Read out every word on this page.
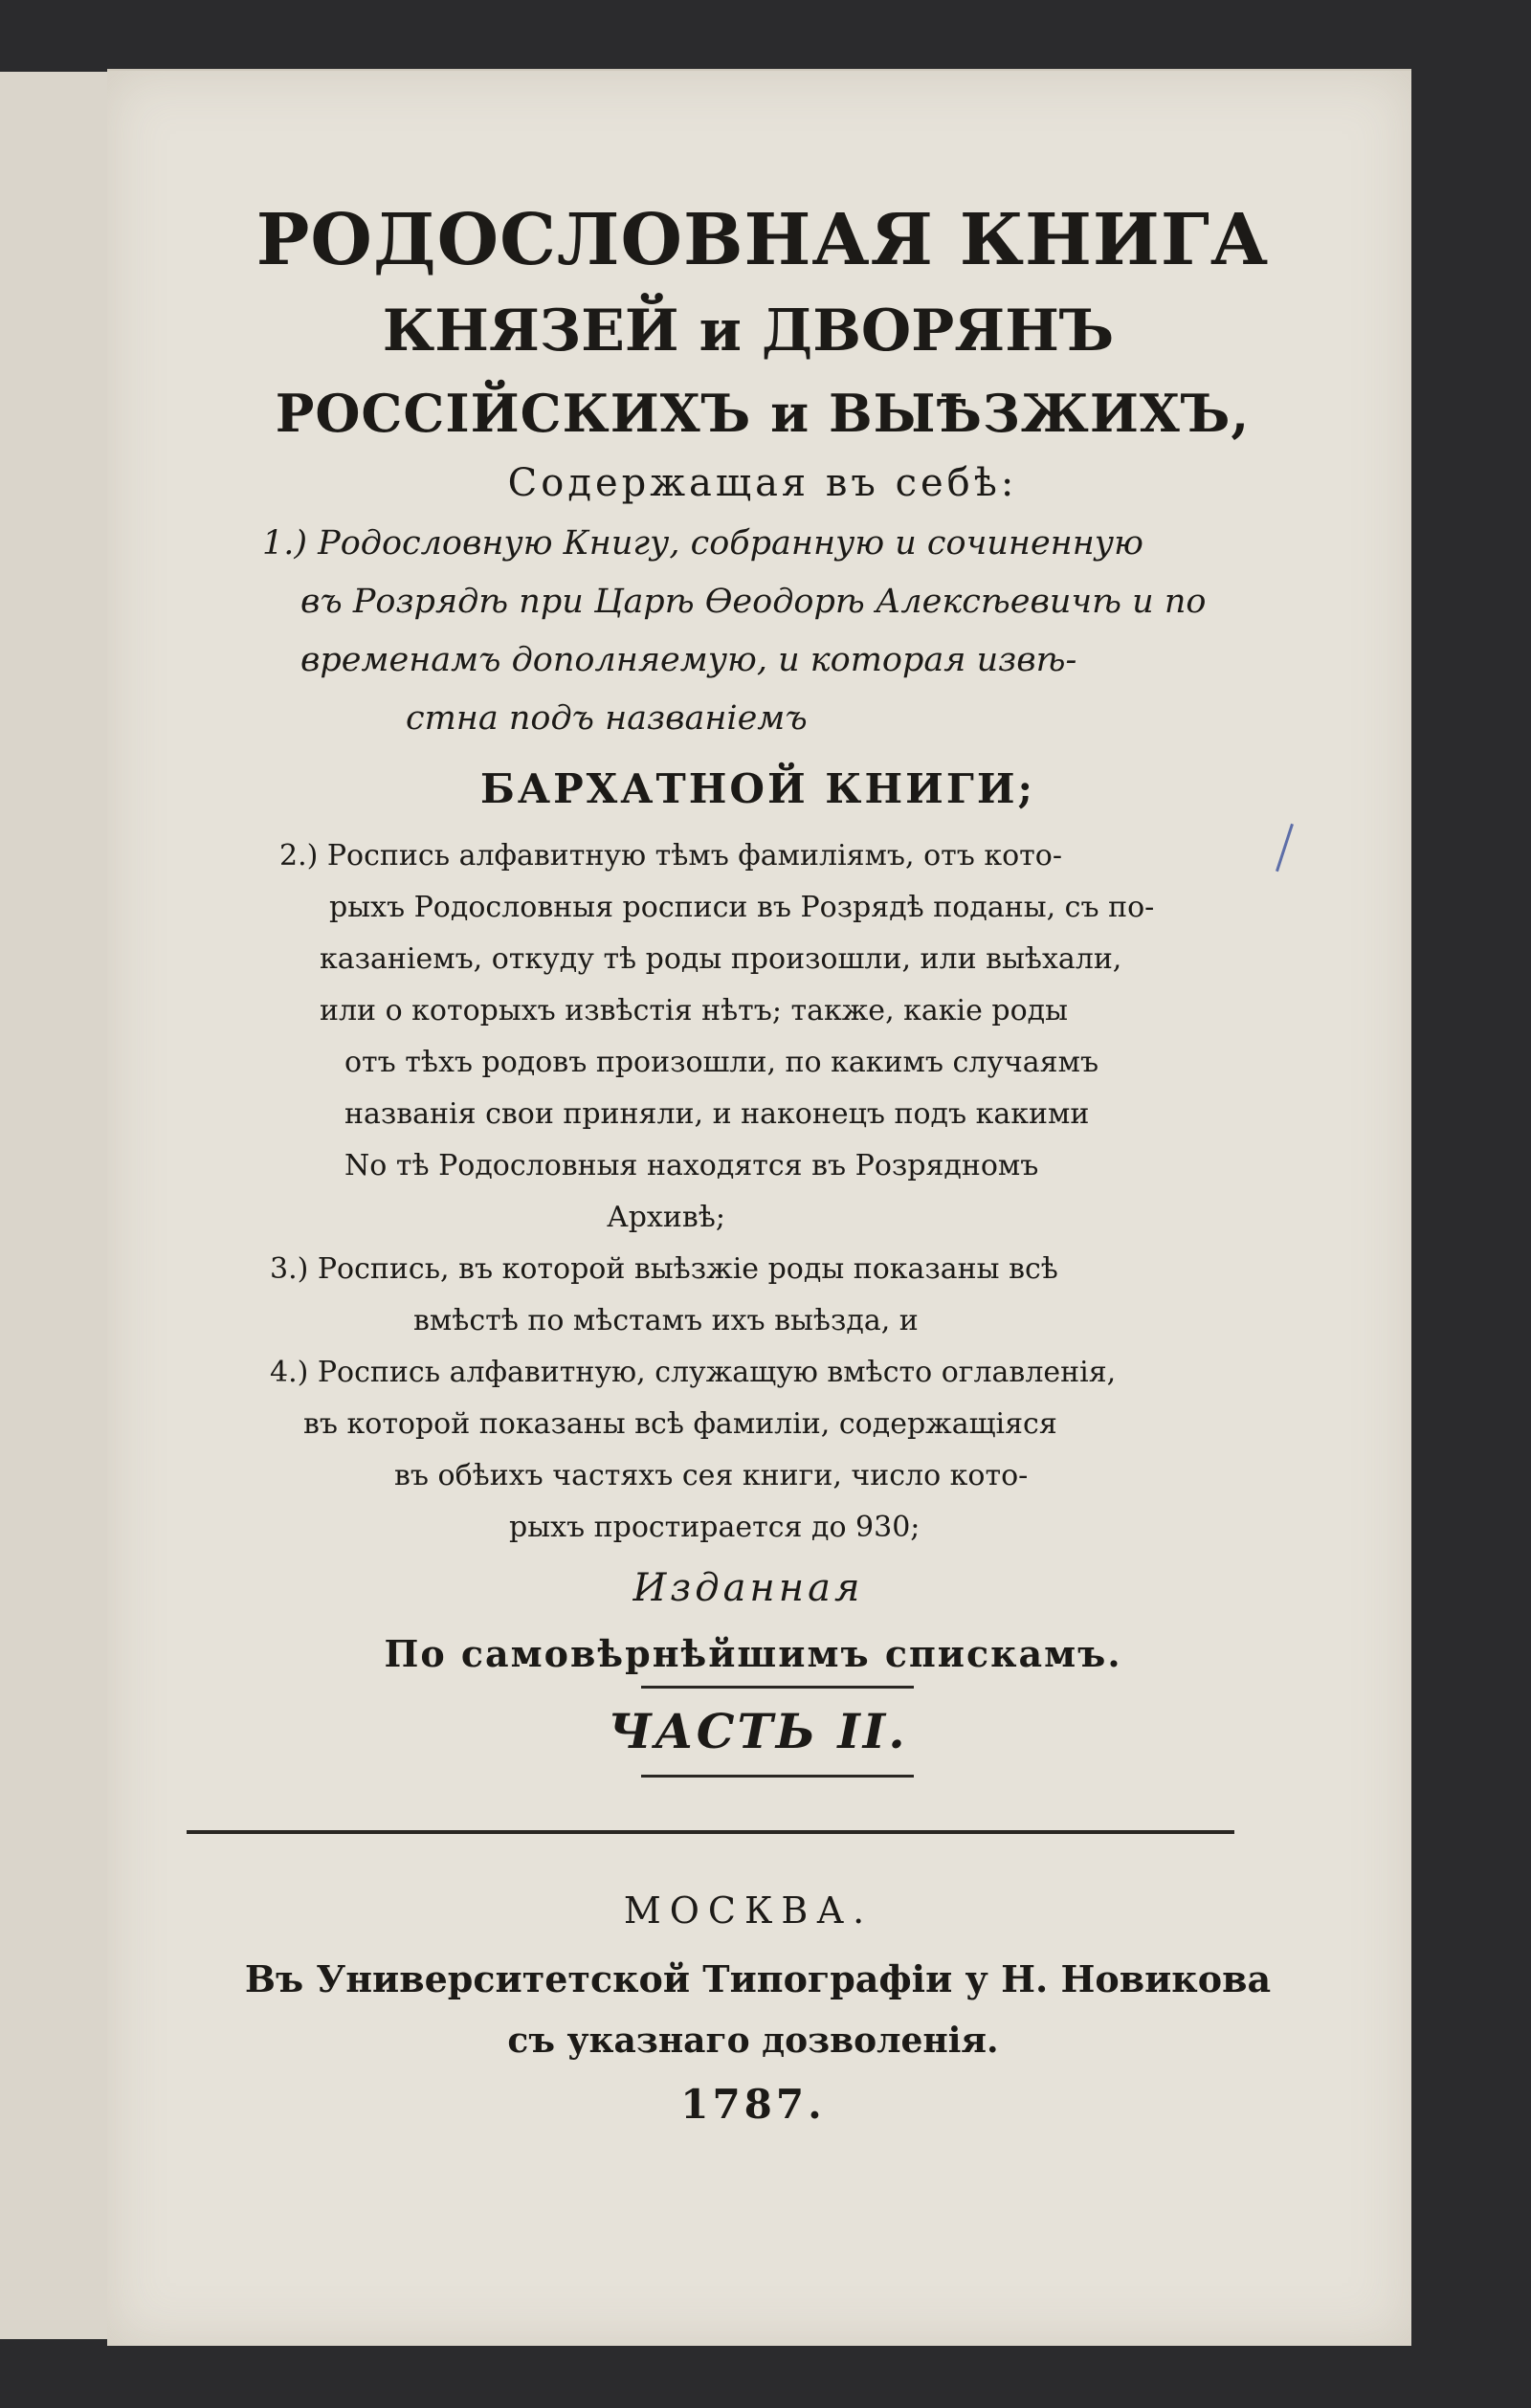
РОДОСЛОВНАЯ КНИГА

КНЯЗЕЙ и ДВОРЯНЪ

РОССІЙСКИХЪ и ВЫѢЗЖИХЪ,

Содержащая въ себѣ:

1.) Родословную Книгу, собранную и сочиненную

въ Розрядѣ при Царѣ Ѳеодорѣ Алексѣевичѣ и по

временамъ дополняемую, и которая извѣ-

стна подъ названіемъ

БАРХАТНОЙ КНИГИ;

2.) Роспись алфавитную тѣмъ фамиліямъ, отъ кото-

рыхъ Родословныя росписи въ Розрядѣ поданы, съ по-

казаніемъ, откуду тѣ роды произошли, или выѣхали,

или о которыхъ извѣстія нѣтъ; также, какіе роды

отъ тѣхъ родовъ произошли, по какимъ случаямъ

названія свои приняли, и наконецъ подъ какими

No тѣ Родословныя находятся въ Розрядномъ

Архивѣ;

3.) Роспись, въ которой выѣзжіе роды показаны всѣ

вмѣстѣ по мѣстамъ ихъ выѣзда, и

4.) Роспись алфавитную, служащую вмѣсто оглавленія,

въ которой показаны всѣ фамиліи, содержащіяся

въ обѣихъ частяхъ сея книги, число кото-

рыхъ простирается до 930;

Изданная

По самовѣрнѣйшимъ спискамъ.

ЧАСТЬ II.

МОСКВА.

Въ Университетской Типографіи у Н. Новикова

съ указнаго дозволенія.

1787.
